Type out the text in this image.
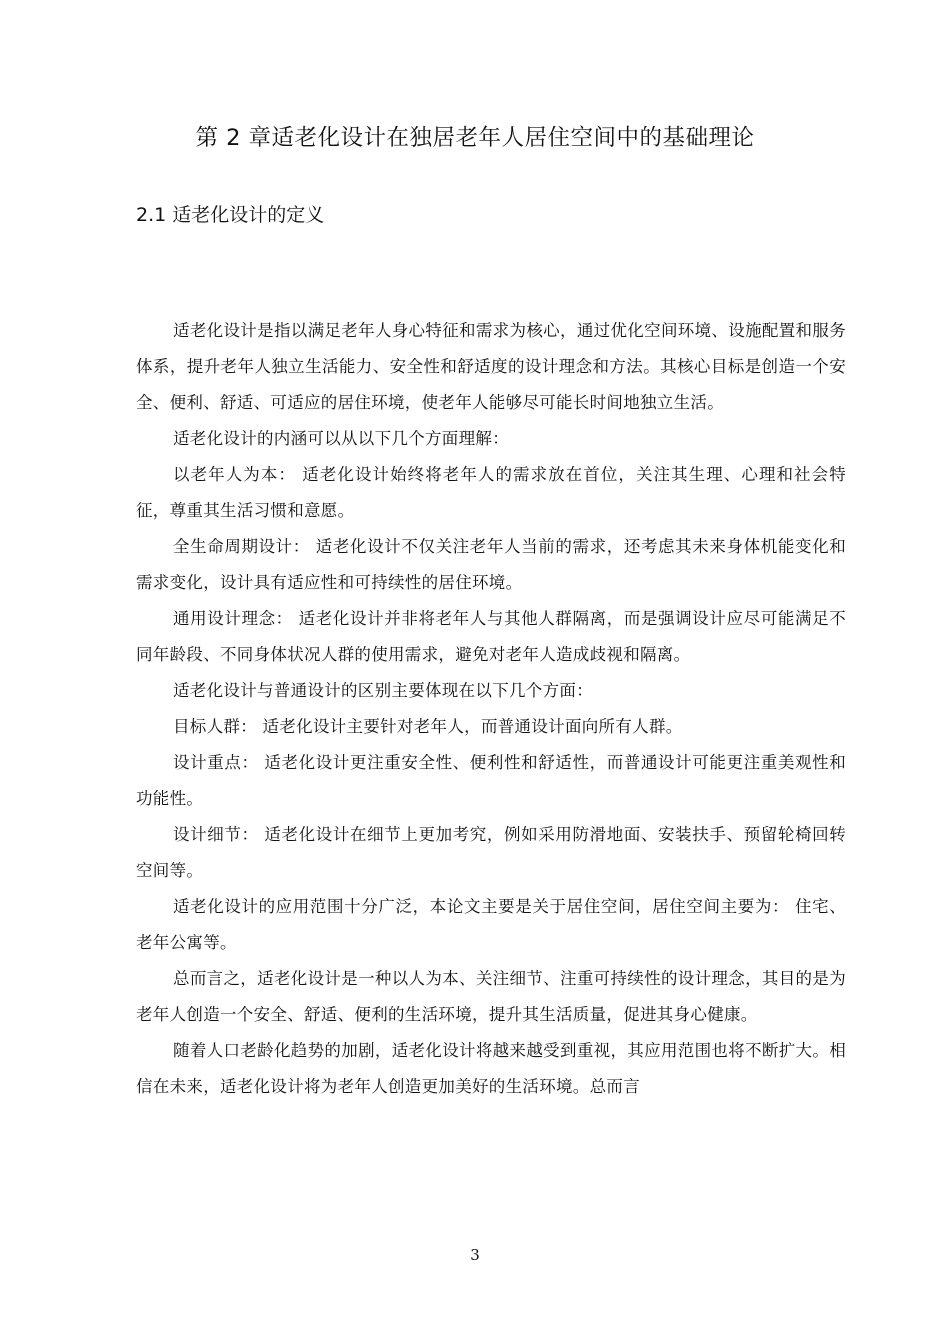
第 2 章适老化设计在独居老年人居住空间中的基础理论
2.1 适老化设计的定义

适老化设计是指以满足老年人身心特征和需求为核心，通过优化空间环境、设施配置和服务体系，提升老年人独立生活能力、安全性和舒适度的设计理念和方法。其核心目标是创造一个安全、便利、舒适、可适应的居住环境，使老年人能够尽可能长时间地独立生活。

适老化设计的内涵可以从以下几个方面理解：

以老年人为本： 适老化设计始终将老年人的需求放在首位，关注其生理、心理和社会特征，尊重其生活习惯和意愿。

全生命周期设计： 适老化设计不仅关注老年人当前的需求，还考虑其未来身体机能变化和需求变化，设计具有适应性和可持续性的居住环境。

通用设计理念： 适老化设计并非将老年人与其他人群隔离，而是强调设计应尽可能满足不同年龄段、不同身体状况人群的使用需求，避免对老年人造成歧视和隔离。

适老化设计与普通设计的区别主要体现在以下几个方面：

目标人群： 适老化设计主要针对老年人，而普通设计面向所有人群。

设计重点： 适老化设计更注重安全性、便利性和舒适性，而普通设计可能更注重美观性和功能性。

设计细节： 适老化设计在细节上更加考究，例如采用防滑地面、安装扶手、预留轮椅回转空间等。

适老化设计的应用范围十分广泛，本论文主要是关于居住空间，居住空间主要为： 住宅、老年公寓等。

总而言之，适老化设计是一种以人为本、关注细节、注重可持续性的设计理念，其目的是为老年人创造一个安全、舒适、便利的生活环境，提升其生活质量，促进其身心健康。

随着人口老龄化趋势的加剧，适老化设计将越来越受到重视，其应用范围也将不断扩大。相信在未来，适老化设计将为老年人创造更加美好的生活环境。总而言

3
